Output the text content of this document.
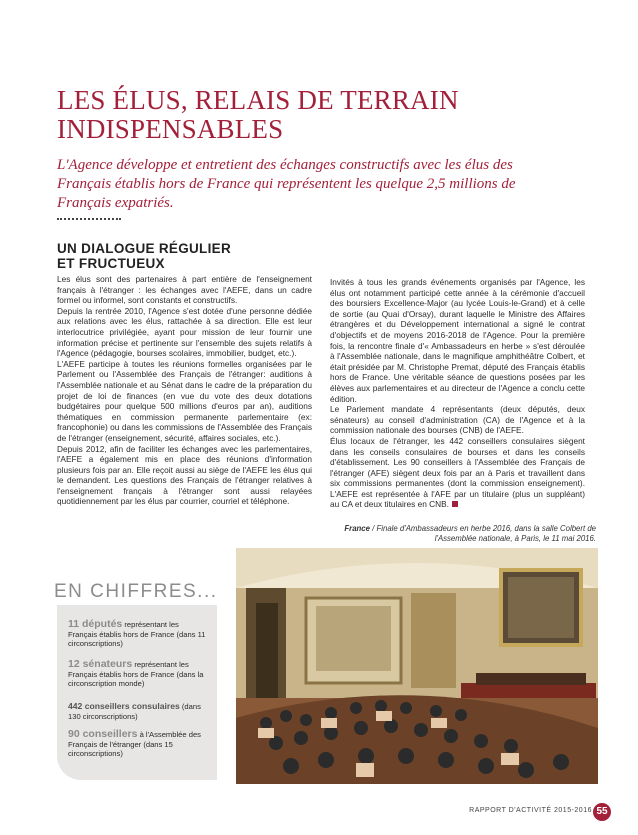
LES ÉLUS, RELAIS DE TERRAIN
INDISPENSABLES

L'Agence développe et entretient des échanges constructifs avec les élus des Français établis hors de France qui représentent les quelque 2,5 millions de Français expatriés.

UN DIALOGUE RÉGULIER
ET FRUCTUEUX

Les élus sont des partenaires à part entière de l'enseignement français à l'étranger : les échanges avec l'AEFE, dans un cadre formel ou informel, sont constants et constructifs.

Depuis la rentrée 2010, l'Agence s'est dotée d'une personne dédiée aux relations avec les élus, rattachée à sa direction. Elle est leur interlocutrice privilégiée, ayant pour mission de leur fournir une information précise et pertinente sur l'ensemble des sujets relatifs à l'Agence (pédagogie, bourses scolaires, immobilier, budget, etc.).

L'AEFE participe à toutes les réunions formelles organisées par le Parlement ou l'Assemblée des Français de l'étranger: auditions à l'Assemblée nationale et au Sénat dans le cadre de la préparation du projet de loi de finances (en vue du vote des deux dotations budgétaires pour quelque 500 millions d'euros par an), auditions thématiques en commission permanente parlementaire (ex: francophonie) ou dans les commissions de l'Assemblée des Français de l'étranger (enseignement, sécurité, affaires sociales, etc.).

Depuis 2012, afin de faciliter les échanges avec les parlementaires, l'AEFE a également mis en place des réunions d'information plusieurs fois par an. Elle reçoit aussi au siège de l'AEFE les élus qui le demandent. Les questions des Français de l'étranger relatives à l'enseignement français à l'étranger sont aussi relayées quotidiennement par les élus par courrier, courriel et téléphone.

Invités à tous les grands événements organisés par l'Agence, les élus ont notamment participé cette année à la cérémonie d'accueil des boursiers Excellence-Major (au lycée Louis-le-Grand) et à celle de sortie (au Quai d'Orsay), durant laquelle le Ministre des Affaires étrangères et du Développement international a signé le contrat d'objectifs et de moyens 2016-2018 de l'Agence. Pour la première fois, la rencontre finale d'« Ambassadeurs en herbe » s'est déroulée à l'Assemblée nationale, dans le magnifique amphithéâtre Colbert, et était présidée par M. Christophe Premat, député des Français établis hors de France. Une véritable séance de questions posées par les élèves aux parlementaires et au directeur de l'Agence a conclu cette édition.

Le Parlement mandate 4 représentants (deux députés, deux sénateurs) au conseil d'administration (CA) de l'Agence et à la commission nationale des bourses (CNB) de l'AEFE.

Élus locaux de l'étranger, les 442 conseillers consulaires siègent dans les conseils consulaires de bourses et dans les conseils d'établissement. Les 90 conseillers à l'Assemblée des Français de l'étranger (AFE) siègent deux fois par an à Paris et travaillent dans six commissions permanentes (dont la commission enseignement). L'AEFE est représentée à l'AFE par un titulaire (plus un suppléant) au CA et deux titulaires en CNB.

France / Finale d'Ambassadeurs en herbe 2016, dans la salle Colbert de l'Assemblée nationale, à Paris, le 11 mai 2016.

EN CHIFFRES...
11 députés représentant les Français établis hors de France (dans 11 circonscriptions)
12 sénateurs représentant les Français établis hors de France (dans la circonscription monde)
442 conseillers consulaires (dans 130 circonscriptions)
90 conseillers à l'Assemblée des Français de l'étranger (dans 15 circonscriptions)
RAPPORT D'ACTIVITÉ 2015-2016 55
